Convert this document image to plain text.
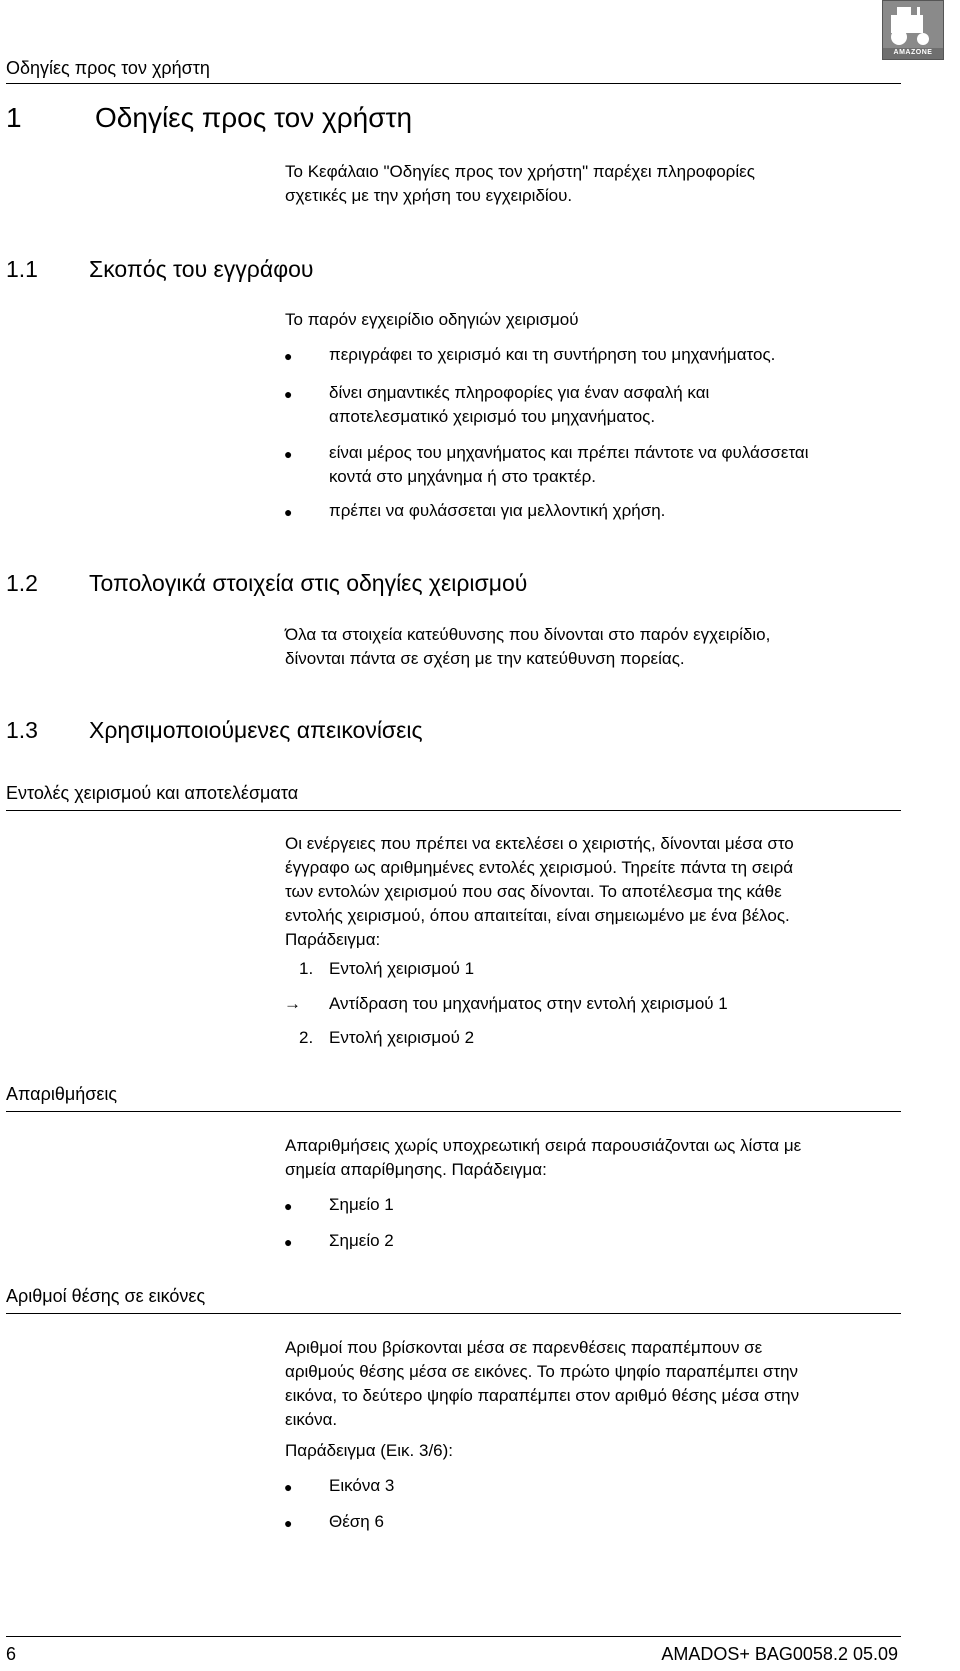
Οδηγίες προς τον χρήστη
AMAZONE
1	Οδηγίες προς τον χρήστη
Το Κεφάλαιο "Οδηγίες προς τον χρήστη" παρέχει πληροφορίες
σχετικές με την χρήση του εγχειριδίου.
1.1 Σκοπός του εγγράφου
Το παρόν εγχειρίδιο οδηγιών χειρισμού
● περιγράφει το χειρισμό και τη συντήρηση του μηχανήματος.
● δίνει σημαντικές πληροφορίες για έναν ασφαλή και
αποτελεσματικό χειρισμό του μηχανήματος.
● είναι μέρος του μηχανήματος και πρέπει πάντοτε να φυλάσσεται
κοντά στο μηχάνημα ή στο τρακτέρ.
● πρέπει να φυλάσσεται για μελλοντική χρήση.
1.2 Τοπολογικά στοιχεία στις οδηγίες χειρισμού
Όλα τα στοιχεία κατεύθυνσης που δίνονται στο παρόν εγχειρίδιο,
δίνονται πάντα σε σχέση με την κατεύθυνση πορείας.
1.3 Χρησιμοποιούμενες απεικονίσεις
Εντολές χειρισμού και αποτελέσματα
Οι ενέργειες που πρέπει να εκτελέσει ο χειριστής, δίνονται μέσα στο
έγγραφο ως αριθμημένες εντολές χειρισμού. Τηρείτε πάντα τη σειρά
των εντολών χειρισμού που σας δίνονται. Το αποτέλεσμα της κάθε
εντολής χειρισμού, όπου απαιτείται, είναι σημειωμένο με ένα βέλος.
Παράδειγμα:
1. Εντολή χειρισμού 1
→ Αντίδραση του μηχανήματος στην εντολή χειρισμού 1
2. Εντολή χειρισμού 2
Απαριθμήσεις
Απαριθμήσεις χωρίς υποχρεωτική σειρά παρουσιάζονται ως λίστα με
σημεία απαρίθμησης. Παράδειγμα:
● Σημείο 1
● Σημείο 2
Αριθμοί θέσης σε εικόνες
Αριθμοί που βρίσκονται μέσα σε παρενθέσεις παραπέμπουν σε
αριθμούς θέσης μέσα σε εικόνες. Το πρώτο ψηφίο παραπέμπει στην
εικόνα, το δεύτερο ψηφίο παραπέμπει στον αριθμό θέσης μέσα στην
εικόνα.
Παράδειγμα (Εικ. 3/6):
● Εικόνα 3
● Θέση 6
6	AMADOS+ BAG0058.2 05.09
